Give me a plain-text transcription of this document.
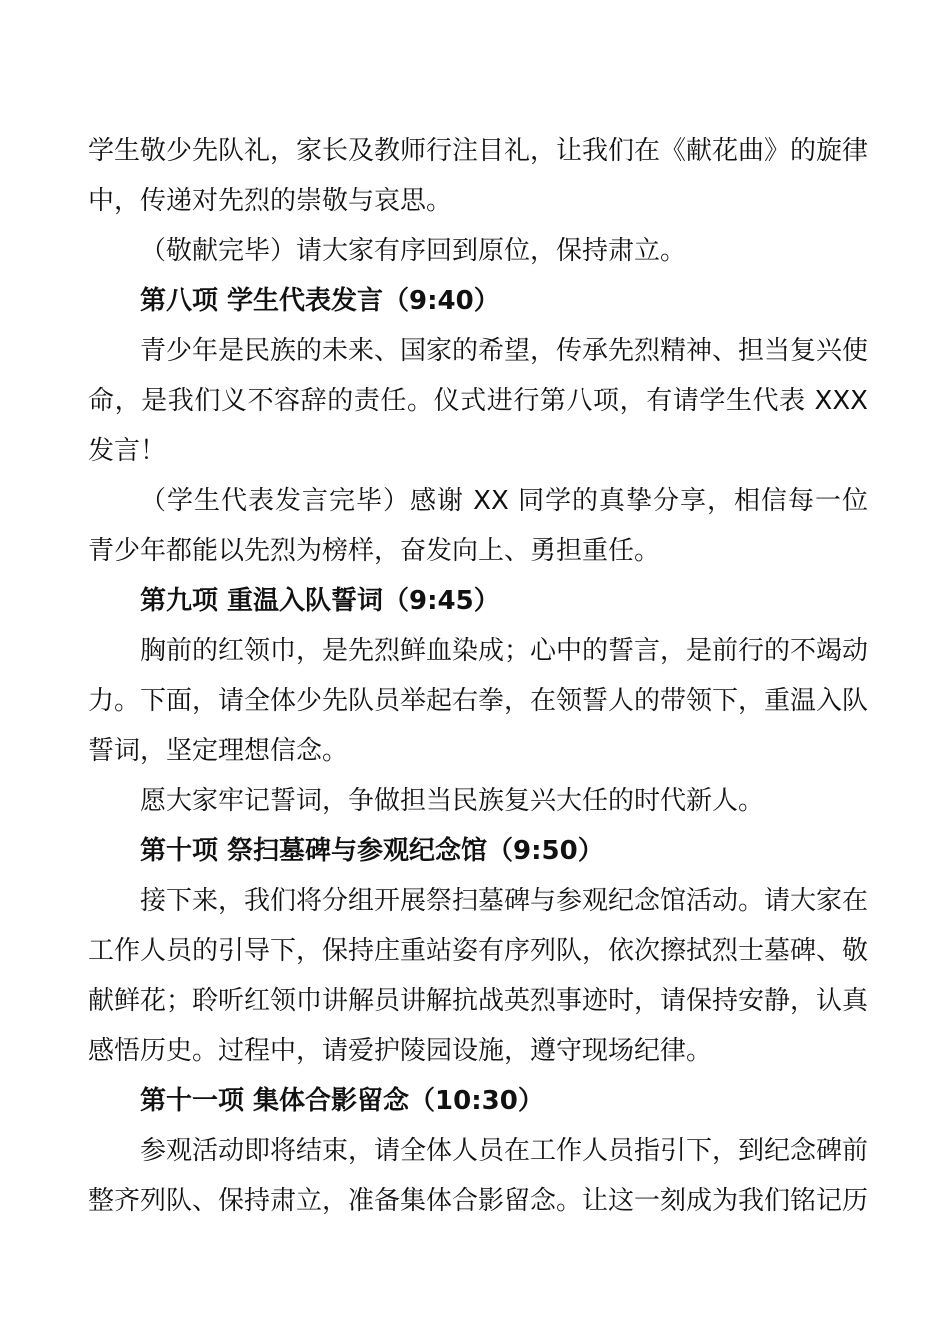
学生敬少先队礼，家长及教师行注目礼，让我们在《献花曲》的旋律中，传递对先烈的崇敬与哀思。

（敬献完毕）请大家有序回到原位，保持肃立。

第八项 学生代表发言（9:40）

青少年是民族的未来、国家的希望，传承先烈精神、担当复兴使命，是我们义不容辞的责任。仪式进行第八项，有请学生代表 XXX 发言！

（学生代表发言完毕）感谢 XX 同学的真挚分享，相信每一位青少年都能以先烈为榜样，奋发向上、勇担重任。

第九项 重温入队誓词（9:45）

胸前的红领巾，是先烈鲜血染成；心中的誓言，是前行的不竭动力。下面，请全体少先队员举起右拳，在领誓人的带领下，重温入队誓词，坚定理想信念。

愿大家牢记誓词，争做担当民族复兴大任的时代新人。

第十项 祭扫墓碑与参观纪念馆（9:50）

接下来，我们将分组开展祭扫墓碑与参观纪念馆活动。请大家在工作人员的引导下，保持庄重站姿有序列队，依次擦拭烈士墓碑、敬献鲜花；聆听红领巾讲解员讲解抗战英烈事迹时，请保持安静，认真感悟历史。过程中，请爱护陵园设施，遵守现场纪律。

第十一项 集体合影留念（10:30）

参观活动即将结束，请全体人员在工作人员指引下，到纪念碑前整齐列队、保持肃立，准备集体合影留念。让这一刻成为我们铭记历
